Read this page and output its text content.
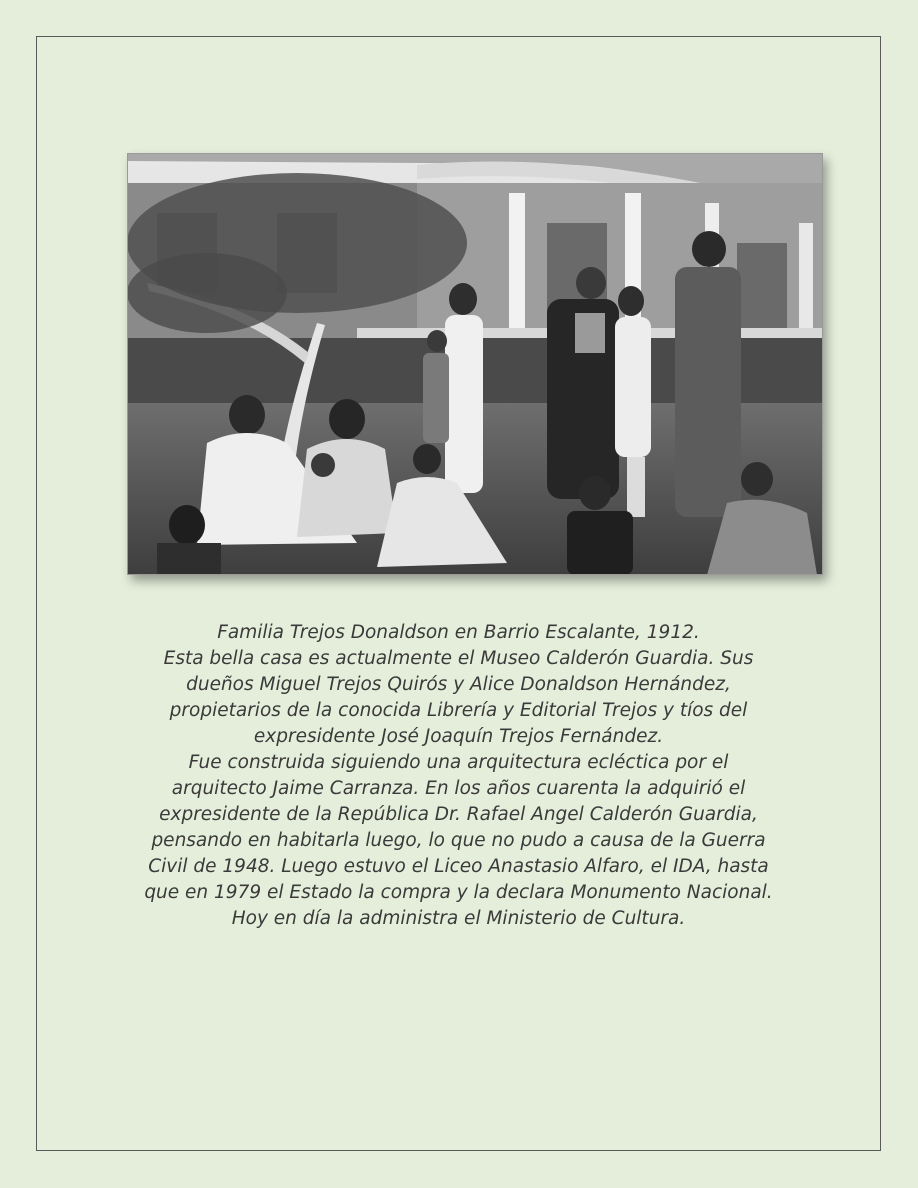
Familia Trejos Donaldson en Barrio Escalante, 1912.
Esta bella casa es actualmente el Museo Calderón Guardia. Sus
dueños Miguel Trejos Quirós y Alice Donaldson Hernández,
propietarios de la conocida Librería y Editorial Trejos y tíos del
expresidente José Joaquín Trejos Fernández.
Fue construida siguiendo una arquitectura ecléctica por el
arquitecto Jaime Carranza. En los años cuarenta la adquirió el
expresidente de la República Dr. Rafael Angel Calderón Guardia,
pensando en habitarla luego, lo que no pudo a causa de la Guerra
Civil de 1948. Luego estuvo el Liceo Anastasio Alfaro, el IDA, hasta
que en 1979 el Estado la compra y la declara Monumento Nacional.
Hoy en día la administra el Ministerio de Cultura.
